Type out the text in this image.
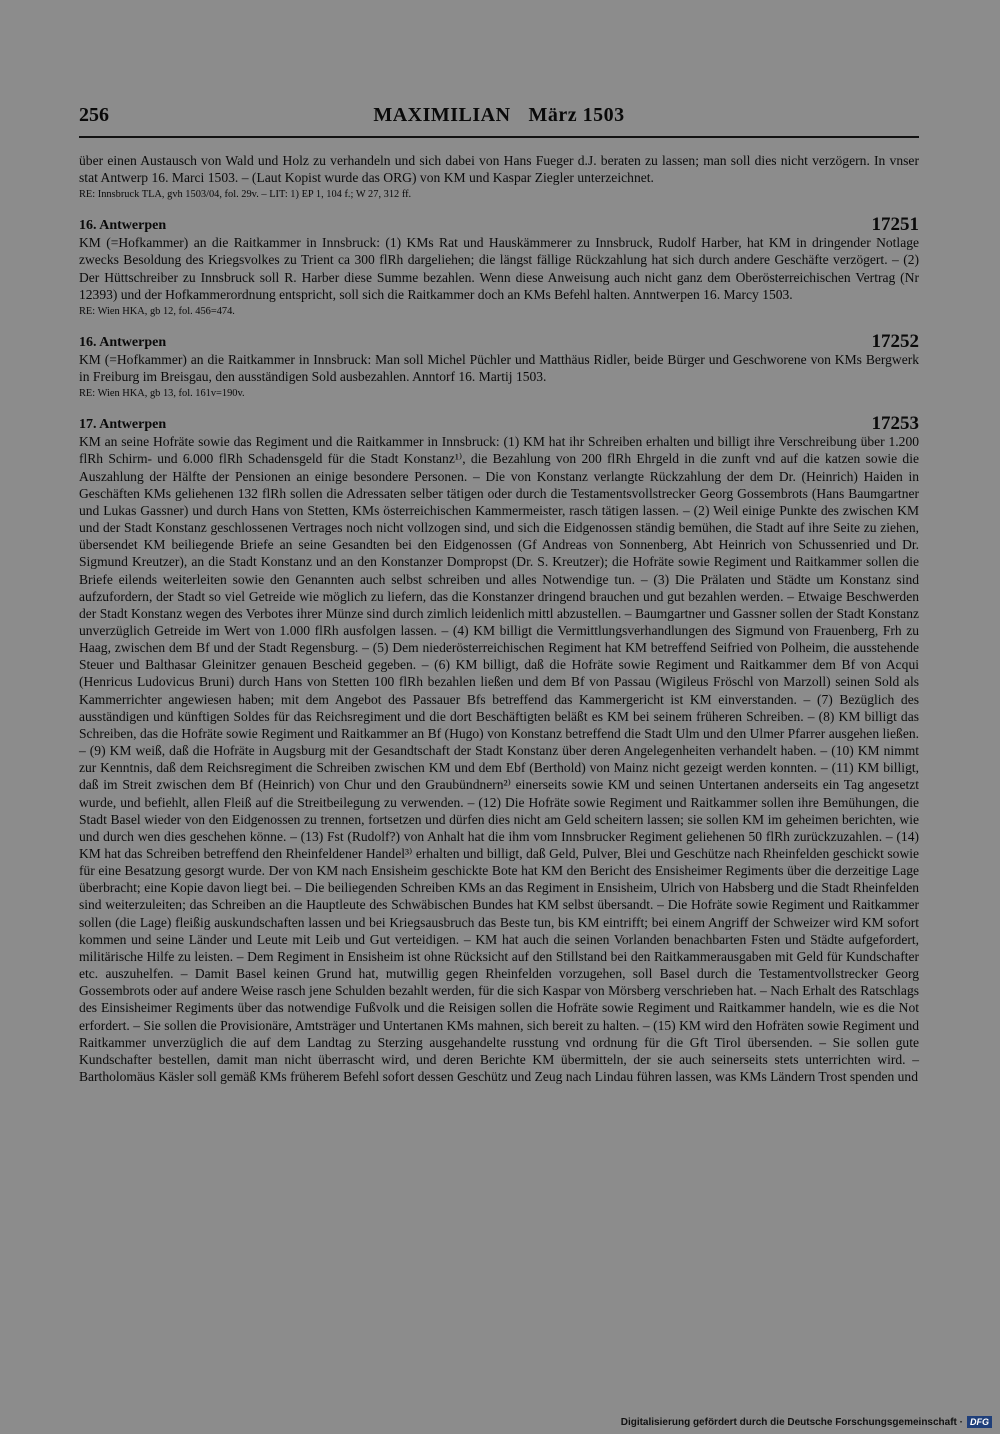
256	MAXIMILIAN März 1503

über einen Austausch von Wald und Holz zu verhandeln und sich dabei von Hans Fueger d.J. beraten zu lassen; man soll dies nicht verzögern. In vnser stat Antwerp 16. Marci 1503. – (Laut Kopist wurde das ORG) von KM und Kaspar Ziegler unterzeichnet.

RE: Innsbruck TLA, gvh 1503/04, fol. 29v. – LIT: 1) EP 1, 104 f.; W 27, 312 ff.

16. Antwerpen	17251

KM (=Hofkammer) an die Raitkammer in Innsbruck: (1) KMs Rat und Hauskämmerer zu Innsbruck, Rudolf Harber, hat KM in dringender Notlage zwecks Besoldung des Kriegsvolkes zu Trient ca 300 flRh dargeliehen; die längst fällige Rückzahlung hat sich durch andere Geschäfte verzögert. – (2) Der Hüttschreiber zu Innsbruck soll R. Harber diese Summe bezahlen. Wenn diese Anweisung auch nicht ganz dem Oberösterreichischen Vertrag (Nr 12393) und der Hofkammerordnung entspricht, soll sich die Raitkammer doch an KMs Befehl halten. Anntwerpen 16. Marcy 1503.

RE: Wien HKA, gb 12, fol. 456=474.

16. Antwerpen	17252

KM (=Hofkammer) an die Raitkammer in Innsbruck: Man soll Michel Püchler und Matthäus Ridler, beide Bürger und Geschworene von KMs Bergwerk in Freiburg im Breisgau, den ausständigen Sold ausbezahlen. Anntorf 16. Martij 1503.

RE: Wien HKA, gb 13, fol. 161v=190v.

17. Antwerpen	17253

KM an seine Hofräte sowie das Regiment und die Raitkammer in Innsbruck: (1) KM hat ihr Schreiben erhalten und billigt ihre Verschreibung über 1.200 flRh Schirm- und 6.000 flRh Schadensgeld für die Stadt Konstanz¹⁾, die Bezahlung von 200 flRh Ehrgeld in die zunft vnd auf die katzen sowie die Auszahlung der Hälfte der Pensionen an einige besondere Personen. – Die von Konstanz verlangte Rückzahlung der dem Dr. (Heinrich) Haiden in Geschäften KMs geliehenen 132 flRh sollen die Adressaten selber tätigen oder durch die Testamentsvollstrecker Georg Gossembrots (Hans Baumgartner und Lukas Gassner) und durch Hans von Stetten, KMs österreichischen Kammermeister, rasch tätigen lassen. – (2) Weil einige Punkte des zwischen KM und der Stadt Konstanz geschlossenen Vertrages noch nicht vollzogen sind, und sich die Eidgenossen ständig bemühen, die Stadt auf ihre Seite zu ziehen, übersendet KM beiliegende Briefe an seine Gesandten bei den Eidgenossen (Gf Andreas von Sonnenberg, Abt Heinrich von Schussenried und Dr. Sigmund Kreutzer), an die Stadt Konstanz und an den Konstanzer Dompropst (Dr. S. Kreutzer); die Hofräte sowie Regiment und Raitkammer sollen die Briefe eilends weiterleiten sowie den Genannten auch selbst schreiben und alles Notwendige tun. – (3) Die Prälaten und Städte um Konstanz sind aufzufordern, der Stadt so viel Getreide wie möglich zu liefern, das die Konstanzer dringend brauchen und gut bezahlen werden. – Etwaige Beschwerden der Stadt Konstanz wegen des Verbotes ihrer Münze sind durch zimlich leidenlich mittl abzustellen. – Baumgartner und Gassner sollen der Stadt Konstanz unverzüglich Getreide im Wert von 1.000 flRh ausfolgen lassen. – (4) KM billigt die Vermittlungsverhandlungen des Sigmund von Frauenberg, Frh zu Haag, zwischen dem Bf und der Stadt Regensburg. – (5) Dem niederösterreichischen Regiment hat KM betreffend Seifried von Polheim, die ausstehende Steuer und Balthasar Gleinitzer genauen Bescheid gegeben. – (6) KM billigt, daß die Hofräte sowie Regiment und Raitkammer dem Bf von Acqui (Henricus Ludovicus Bruni) durch Hans von Stetten 100 flRh bezahlen ließen und dem Bf von Passau (Wigileus Fröschl von Marzoll) seinen Sold als Kammerrichter angewiesen haben; mit dem Angebot des Passauer Bfs betreffend das Kammergericht ist KM einverstanden. – (7) Bezüglich des ausständigen und künftigen Soldes für das Reichsregiment und die dort Beschäftigten beläßt es KM bei seinem früheren Schreiben. – (8) KM billigt das Schreiben, das die Hofräte sowie Regiment und Raitkammer an Bf (Hugo) von Konstanz betreffend die Stadt Ulm und den Ulmer Pfarrer ausgehen ließen. – (9) KM weiß, daß die Hofräte in Augsburg mit der Gesandtschaft der Stadt Konstanz über deren Angelegenheiten verhandelt haben. – (10) KM nimmt zur Kenntnis, daß dem Reichsregiment die Schreiben zwischen KM und dem Ebf (Berthold) von Mainz nicht gezeigt werden konnten. – (11) KM billigt, daß im Streit zwischen dem Bf (Heinrich) von Chur und den Graubündnern²⁾ einerseits sowie KM und seinen Untertanen anderseits ein Tag angesetzt wurde, und befiehlt, allen Fleiß auf die Streitbeilegung zu verwenden. – (12) Die Hofräte sowie Regiment und Raitkammer sollen ihre Bemühungen, die Stadt Basel wieder von den Eidgenossen zu trennen, fortsetzen und dürfen dies nicht am Geld scheitern lassen; sie sollen KM im geheimen berichten, wie und durch wen dies geschehen könne. – (13) Fst (Rudolf?) von Anhalt hat die ihm vom Innsbrucker Regiment geliehenen 50 flRh zurückzuzahlen. – (14) KM hat das Schreiben betreffend den Rheinfeldener Handel³⁾ erhalten und billigt, daß Geld, Pulver, Blei und Geschütze nach Rheinfelden geschickt sowie für eine Besatzung gesorgt wurde. Der von KM nach Ensisheim geschickte Bote hat KM den Bericht des Ensisheimer Regiments über die derzeitige Lage überbracht; eine Kopie davon liegt bei. – Die beiliegenden Schreiben KMs an das Regiment in Ensisheim, Ulrich von Habsberg und die Stadt Rheinfelden sind weiterzuleiten; das Schreiben an die Hauptleute des Schwäbischen Bundes hat KM selbst übersandt. – Die Hofräte sowie Regiment und Raitkammer sollen (die Lage) fleißig auskundschaften lassen und bei Kriegsausbruch das Beste tun, bis KM eintrifft; bei einem Angriff der Schweizer wird KM sofort kommen und seine Länder und Leute mit Leib und Gut verteidigen. – KM hat auch die seinen Vorlanden benachbarten Fsten und Städte aufgefordert, militärische Hilfe zu leisten. – Dem Regiment in Ensisheim ist ohne Rücksicht auf den Stillstand bei den Raitkammerausgaben mit Geld für Kundschafter etc. auszuhelfen. – Damit Basel keinen Grund hat, mutwillig gegen Rheinfelden vorzugehen, soll Basel durch die Testamentvollstrecker Georg Gossembrots oder auf andere Weise rasch jene Schulden bezahlt werden, für die sich Kaspar von Mörsberg verschrieben hat. – Nach Erhalt des Ratschlags des Einsisheimer Regiments über das notwendige Fußvolk und die Reisigen sollen die Hofräte sowie Regiment und Raitkammer handeln, wie es die Not erfordert. – Sie sollen die Provisionäre, Amtsträger und Untertanen KMs mahnen, sich bereit zu halten. – (15) KM wird den Hofräten sowie Regiment und Raitkammer unverzüglich die auf dem Landtag zu Sterzing ausgehandelte russtung vnd ordnung für die Gft Tirol übersenden. – Sie sollen gute Kundschafter bestellen, damit man nicht überrascht wird, und deren Berichte KM übermitteln, der sie auch seinerseits stets unterrichten wird. – Bartholomäus Käsler soll gemäß KMs früherem Befehl sofort dessen Geschütz und Zeug nach Lindau führen lassen, was KMs Ländern Trost spenden und

Digitalisierung gefördert durch die Deutsche Forschungsgemeinschaft · DFG
